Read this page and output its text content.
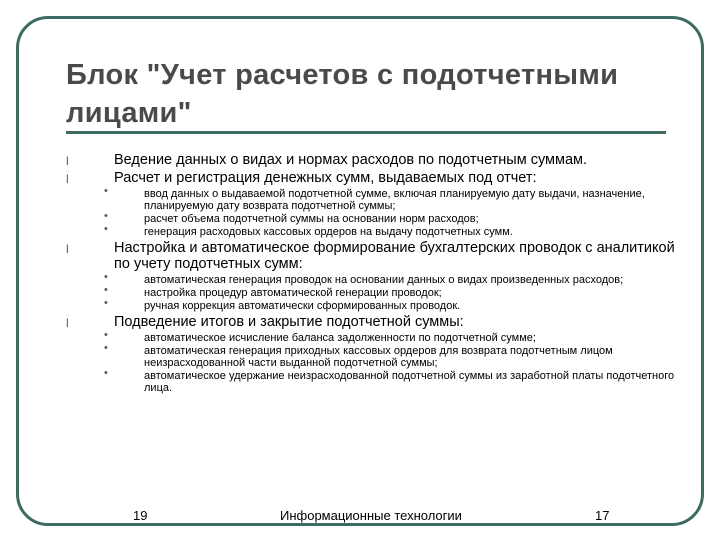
Блок "Учет расчетов с подотчетными лицами"
l	Ведение данных о видах и нормах расходов по подотчетным суммам.
l	Расчет и регистрация денежных сумм, выдаваемых под отчет:
•	ввод данных о выдаваемой подотчетной сумме, включая планируемую дату выдачи, назначение, планируемую дату возврата подотчетной суммы;
•	расчет объема подотчетной суммы на основании норм расходов;
•	генерация расходовых кассовых ордеров на выдачу подотчетных сумм.
l	Настройка и автоматическое формирование бухгалтерских проводок с аналитикой по учету подотчетных сумм:
•	автоматическая генерация проводок на основании данных о видах произведенных расходов;
•	настройка процедур автоматической генерации проводок;
•	ручная коррекция автоматически сформированных проводок.
l	Подведение итогов и закрытие подотчетной суммы:
•	автоматическое исчисление баланса задолженности по подотчетной сумме;
•	автоматическая генерация приходных кассовых ордеров для возврата подотчетным лицом неизрасходованной части выданной подотчетной суммы;
•	автоматическое удержание неизрасходованной подотчетной суммы из заработной платы подотчетного лица.
19	Информационные технологии	17
